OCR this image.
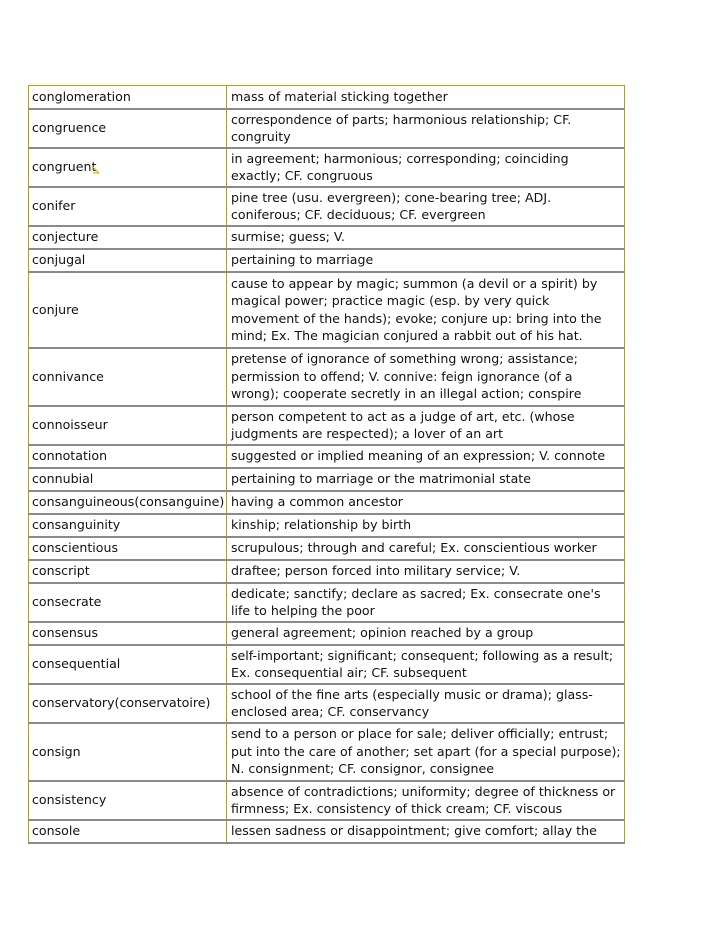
conglomeration	mass of material sticking together
congruence	correspondence of parts; harmonious relationship; CF. congruity
congruent	in agreement; harmonious; corresponding; coinciding exactly; CF. congruous
conifer	pine tree (usu. evergreen); cone-bearing tree; ADJ. coniferous; CF. deciduous; CF. evergreen
conjecture	surmise; guess; V.
conjugal	pertaining to marriage
conjure	cause to appear by magic; summon (a devil or a spirit) by magical power; practice magic (esp. by very quick movement of the hands); evoke; conjure up: bring into the mind; Ex. The magician conjured a rabbit out of his hat.
connivance	pretense of ignorance of something wrong; assistance; permission to offend; V. connive: feign ignorance (of a wrong); cooperate secretly in an illegal action; conspire
connoisseur	person competent to act as a judge of art, etc. (whose judgments are respected); a lover of an art
connotation	suggested or implied meaning of an expression; V. connote
connubial	pertaining to marriage or the matrimonial state
consanguineous(consanguine)	having a common ancestor
consanguinity	kinship; relationship by birth
conscientious	scrupulous; through and careful; Ex. conscientious worker
conscript	draftee; person forced into military service; V.
consecrate	dedicate; sanctify; declare as sacred; Ex. consecrate one's life to helping the poor
consensus	general agreement; opinion reached by a group
consequential	self-important; significant; consequent; following as a result; Ex. consequential air; CF. subsequent
conservatory(conservatoire)	school of the fine arts (especially music or drama); glass-enclosed area; CF. conservancy
consign	send to a person or place for sale; deliver officially; entrust; put into the care of another; set apart (for a special purpose); N. consignment; CF. consignor, consignee
consistency	absence of contradictions; uniformity; degree of thickness or firmness; Ex. consistency of thick cream; CF. viscous
console	lessen sadness or disappointment; give comfort; allay the
